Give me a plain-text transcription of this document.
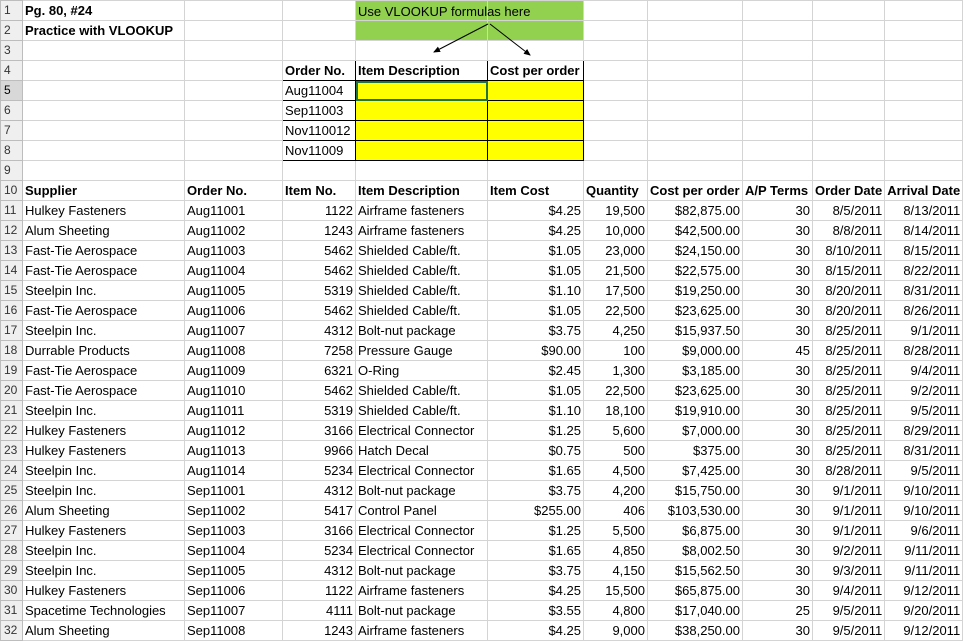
1	Pg. 80, #24									
2	Practice with VLOOKUP									
3										
4			Order No.	Item Description	Cost per order					
5			Aug11004							
6			Sep11003							
7			Nov110012							
8			Nov11009							
9										
10	Supplier	Order No.	Item No.	Item Description	Item Cost	Quantity	Cost per order	A/P Terms	Order Date	Arrival Date
11	Hulkey Fasteners	Aug11001	1122	Airframe fasteners	$4.25	19,500	$82,875.00	30	8/5/2011	8/13/2011
12	Alum Sheeting	Aug11002	1243	Airframe fasteners	$4.25	10,000	$42,500.00	30	8/8/2011	8/14/2011
13	Fast-Tie Aerospace	Aug11003	5462	Shielded Cable/ft.	$1.05	23,000	$24,150.00	30	8/10/2011	8/15/2011
14	Fast-Tie Aerospace	Aug11004	5462	Shielded Cable/ft.	$1.05	21,500	$22,575.00	30	8/15/2011	8/22/2011
15	Steelpin Inc.	Aug11005	5319	Shielded Cable/ft.	$1.10	17,500	$19,250.00	30	8/20/2011	8/31/2011
16	Fast-Tie Aerospace	Aug11006	5462	Shielded Cable/ft.	$1.05	22,500	$23,625.00	30	8/20/2011	8/26/2011
17	Steelpin Inc.	Aug11007	4312	Bolt-nut package	$3.75	4,250	$15,937.50	30	8/25/2011	9/1/2011
18	Durrable Products	Aug11008	7258	Pressure Gauge	$90.00	100	$9,000.00	45	8/25/2011	8/28/2011
19	Fast-Tie Aerospace	Aug11009	6321	O-Ring	$2.45	1,300	$3,185.00	30	8/25/2011	9/4/2011
20	Fast-Tie Aerospace	Aug11010	5462	Shielded Cable/ft.	$1.05	22,500	$23,625.00	30	8/25/2011	9/2/2011
21	Steelpin Inc.	Aug11011	5319	Shielded Cable/ft.	$1.10	18,100	$19,910.00	30	8/25/2011	9/5/2011
22	Hulkey Fasteners	Aug11012	3166	Electrical Connector	$1.25	5,600	$7,000.00	30	8/25/2011	8/29/2011
23	Hulkey Fasteners	Aug11013	9966	Hatch Decal	$0.75	500	$375.00	30	8/25/2011	8/31/2011
24	Steelpin Inc.	Aug11014	5234	Electrical Connector	$1.65	4,500	$7,425.00	30	8/28/2011	9/5/2011
25	Steelpin Inc.	Sep11001	4312	Bolt-nut package	$3.75	4,200	$15,750.00	30	9/1/2011	9/10/2011
26	Alum Sheeting	Sep11002	5417	Control Panel	$255.00	406	$103,530.00	30	9/1/2011	9/10/2011
27	Hulkey Fasteners	Sep11003	3166	Electrical Connector	$1.25	5,500	$6,875.00	30	9/1/2011	9/6/2011
28	Steelpin Inc.	Sep11004	5234	Electrical Connector	$1.65	4,850	$8,002.50	30	9/2/2011	9/11/2011
29	Steelpin Inc.	Sep11005	4312	Bolt-nut package	$3.75	4,150	$15,562.50	30	9/3/2011	9/11/2011
30	Hulkey Fasteners	Sep11006	1122	Airframe fasteners	$4.25	15,500	$65,875.00	30	9/4/2011	9/12/2011
31	Spacetime Technologies	Sep11007	4111	Bolt-nut package	$3.55	4,800	$17,040.00	25	9/5/2011	9/20/2011
32	Alum Sheeting	Sep11008	1243	Airframe fasteners	$4.25	9,000	$38,250.00	30	9/5/2011	9/12/2011
Use VLOOKUP formulas here
